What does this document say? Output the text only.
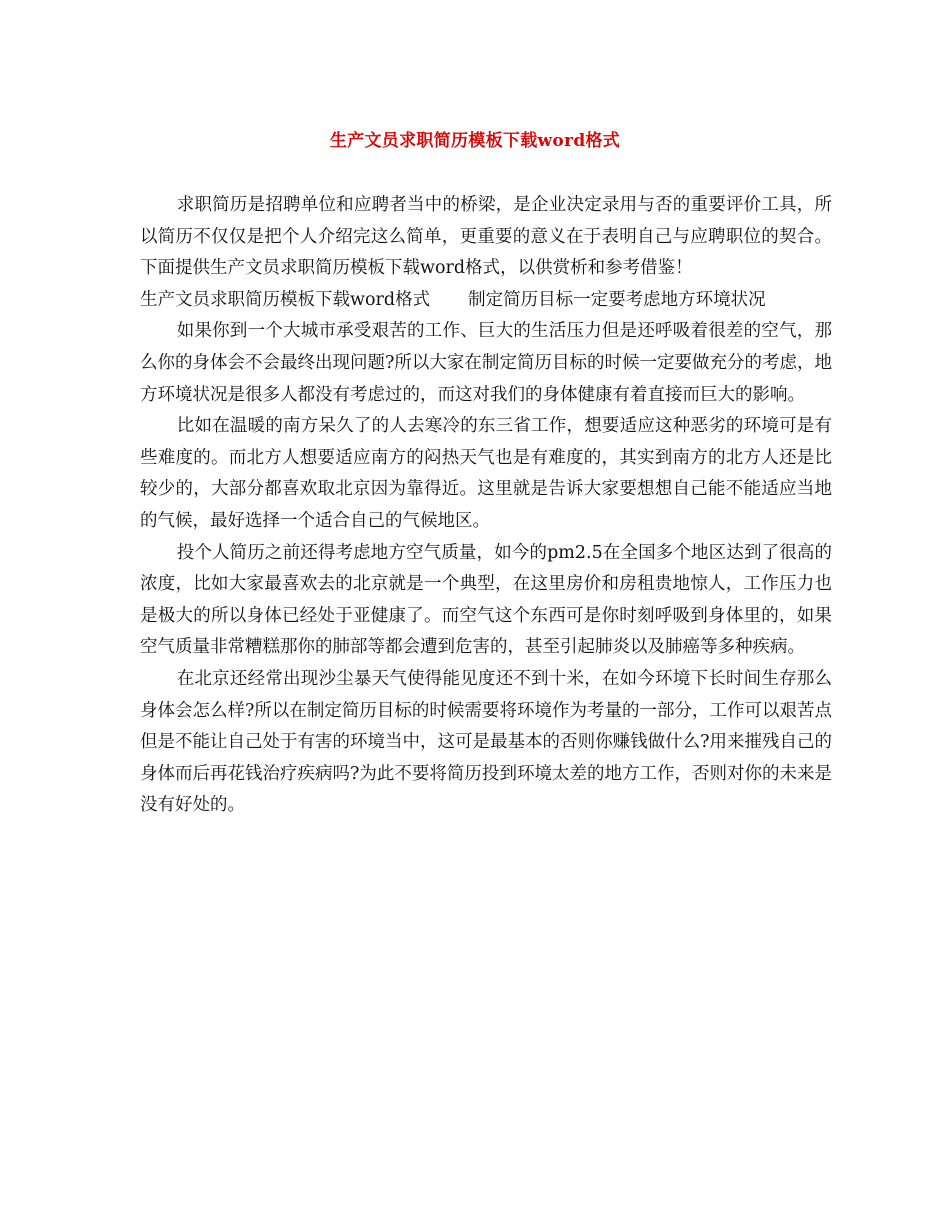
生产文员求职简历模板下载word格式

求职简历是招聘单位和应聘者当中的桥梁，是企业决定录用与否的重要评价工具，所以简历不仅仅是把个人介绍完这么简单，更重要的意义在于表明自己与应聘职位的契合。下面提供生产文员求职简历模板下载word格式，以供赏析和参考借鉴！

生产文员求职简历模板下载word格式 制定简历目标一定要考虑地方环境状况

如果你到一个大城市承受艰苦的工作、巨大的生活压力但是还呼吸着很差的空气，那么你的身体会不会最终出现问题?所以大家在制定简历目标的时候一定要做充分的考虑，地方环境状况是很多人都没有考虑过的，而这对我们的身体健康有着直接而巨大的影响。

比如在温暖的南方呆久了的人去寒冷的东三省工作，想要适应这种恶劣的环境可是有些难度的。而北方人想要适应南方的闷热天气也是有难度的，其实到南方的北方人还是比较少的，大部分都喜欢取北京因为靠得近。这里就是告诉大家要想想自己能不能适应当地的气候，最好选择一个适合自己的气候地区。

投个人简历之前还得考虑地方空气质量，如今的pm2.5在全国多个地区达到了很高的浓度，比如大家最喜欢去的北京就是一个典型，在这里房价和房租贵地惊人，工作压力也是极大的所以身体已经处于亚健康了。而空气这个东西可是你时刻呼吸到身体里的，如果空气质量非常糟糕那你的肺部等都会遭到危害的，甚至引起肺炎以及肺癌等多种疾病。

在北京还经常出现沙尘暴天气使得能见度还不到十米，在如今环境下长时间生存那么身体会怎么样?所以在制定简历目标的时候需要将环境作为考量的一部分，工作可以艰苦点但是不能让自己处于有害的环境当中，这可是最基本的否则你赚钱做什么?用来摧残自己的身体而后再花钱治疗疾病吗?为此不要将简历投到环境太差的地方工作，否则对你的未来是没有好处的。
